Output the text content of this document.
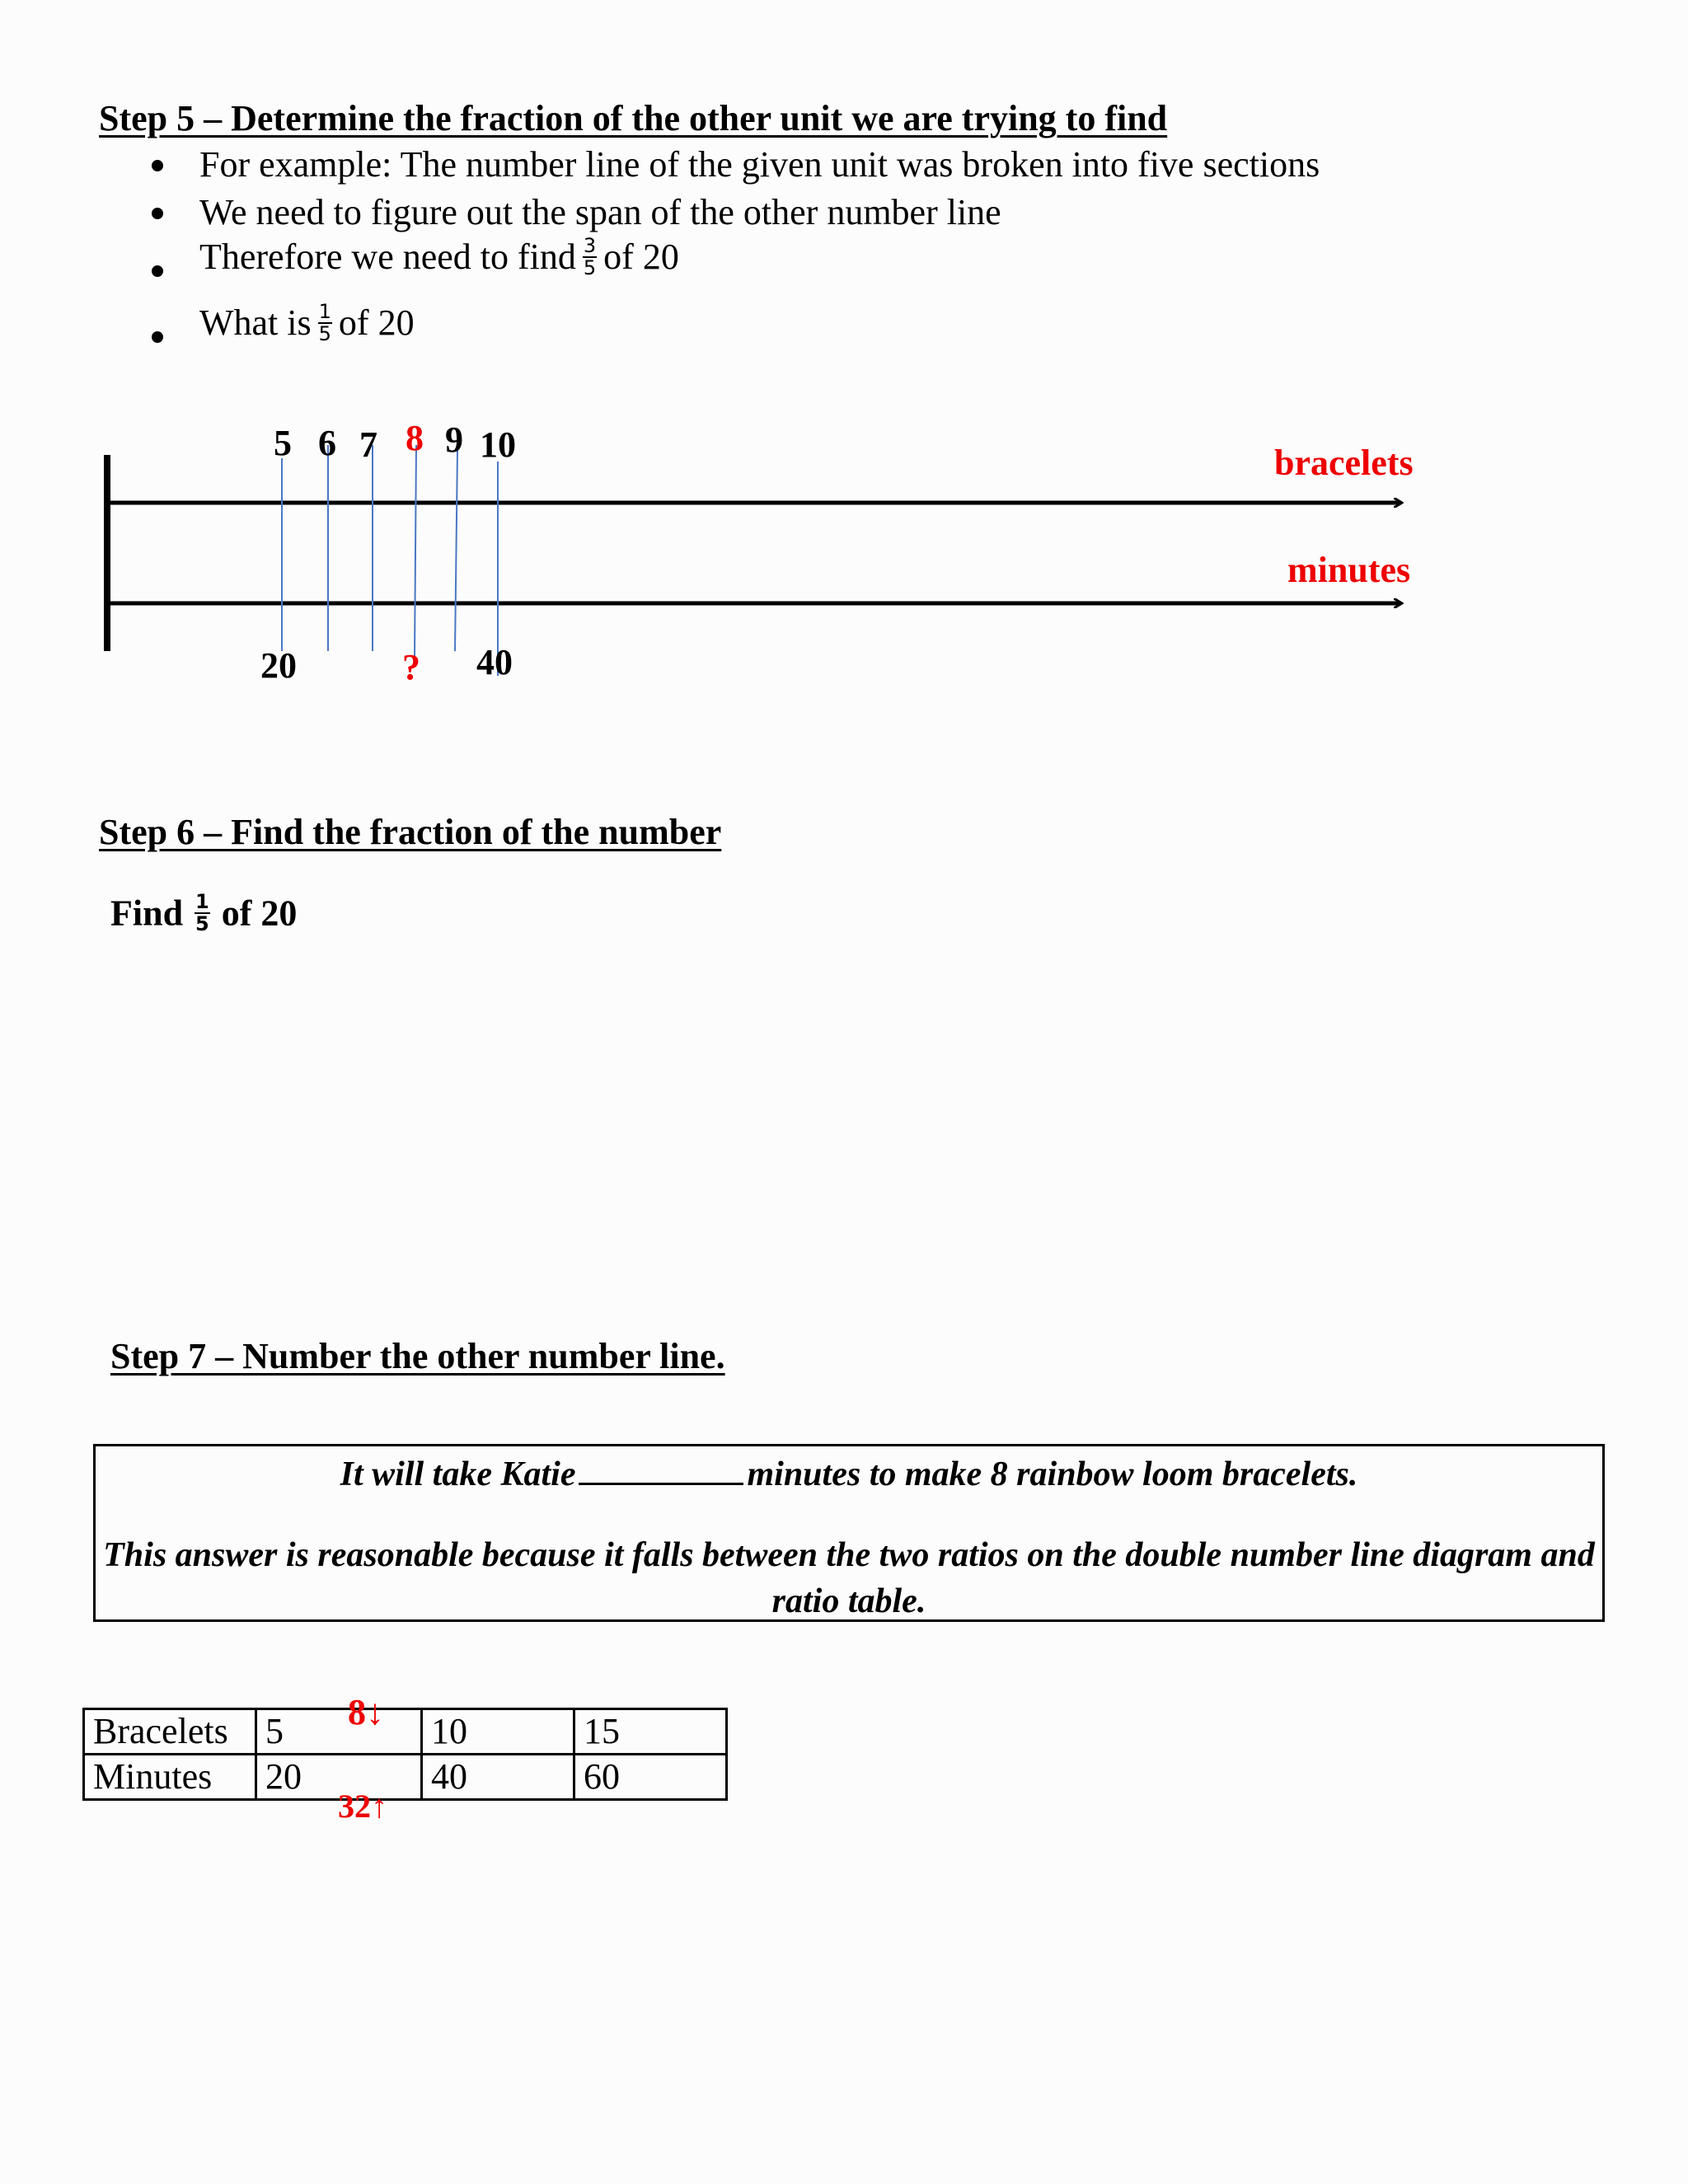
Step 5 – Determine the fraction of the other unit we are trying to find
For example: The number line of the given unit was broken into five sections
We need to figure out the span of the other number line
Therefore we need to find $\frac{3}{5}$ of 20
What is $\frac{1}{5}$ of 20
5 6 7 8 9 10	bracelets
minutes
20	? 40
Step 6 – Find the fraction of the number
Find $\frac{1}{5}$ of 20
Step 7 – Number the other number line.
It will take Katie	minutes to make 8 rainbow loom bracelets.
This answer is reasonable because it falls between the two ratios on the double number line diagram and ratio table.
Bracelets	5		10	15
Minutes	20		40	60
8↓
32↑
